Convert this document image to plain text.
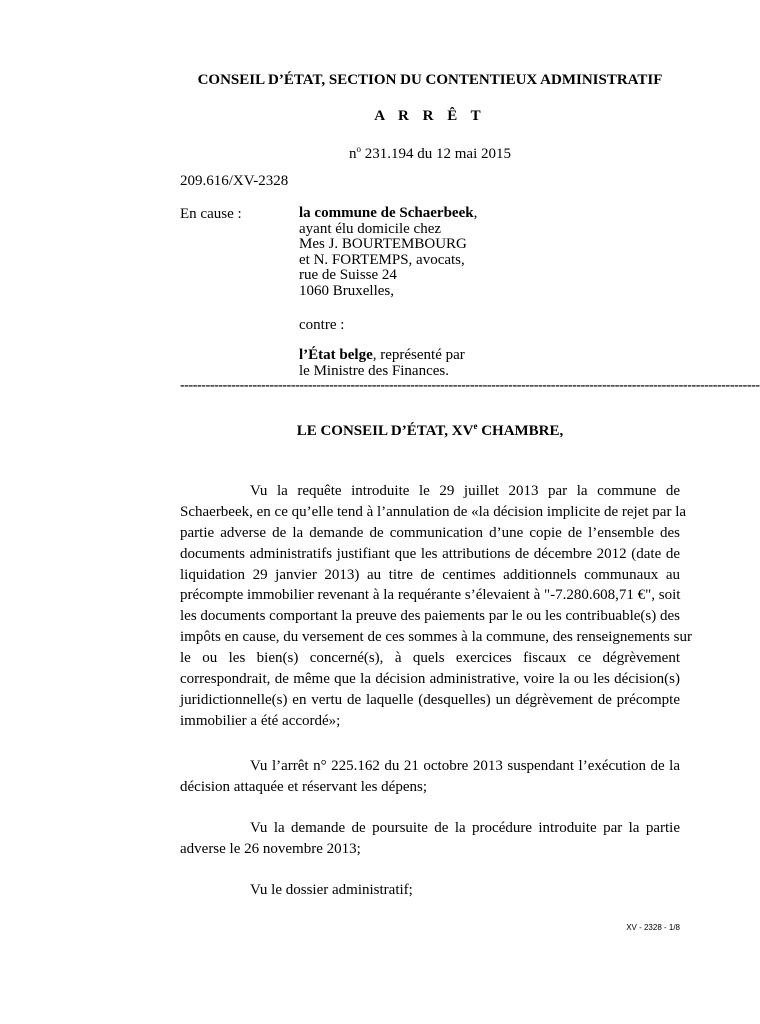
CONSEIL D’ÉTAT, SECTION DU CONTENTIEUX ADMINISTRATIF
A R R Ê T
$n^o$ 231.194 du 12 mai 2015
209.616/XV-2328
En cause :	la commune de Schaerbeek,
ayant élu domicile chez
Mes J. BOURTEMBOURG
et N. FORTEMPS, avocats,
rue de Suisse 24
1060 Bruxelles,
contre :
l’État belge, représenté par
le Ministre des Finances.
----------------------------------------------------------------------------------------------------------------------------------------
LE CONSEIL D’ÉTAT, XVe CHAMBRE,
Vu la requête introduite le 29 juillet 2013 par la commune de
Schaerbeek, en ce qu’elle tend à l’annulation de «la décision implicite de rejet par la
partie adverse de la demande de communication d’une copie de l’ensemble des
documents administratifs justifiant que les attributions de décembre 2012 (date de
liquidation 29 janvier 2013) au titre de centimes additionnels communaux au
précompte immobilier revenant à la requérante s’élevaient à "-7.280.608,71 €", soit
les documents comportant la preuve des paiements par le ou les contribuable(s) des
impôts en cause, du versement de ces sommes à la commune, des renseignements sur
le ou les bien(s) concerné(s), à quels exercices fiscaux ce dégrèvement
correspondrait, de même que la décision administrative, voire la ou les décision(s)
juridictionnelle(s) en vertu de laquelle (desquelles) un dégrèvement de précompte
immobilier a été accordé»;
Vu l’arrêt n° 225.162 du 21 octobre 2013 suspendant l’exécution de la
décision attaquée et réservant les dépens;
Vu la demande de poursuite de la procédure introduite par la partie
adverse le 26 novembre 2013;
Vu le dossier administratif;
XV - 2328 - 1/8
